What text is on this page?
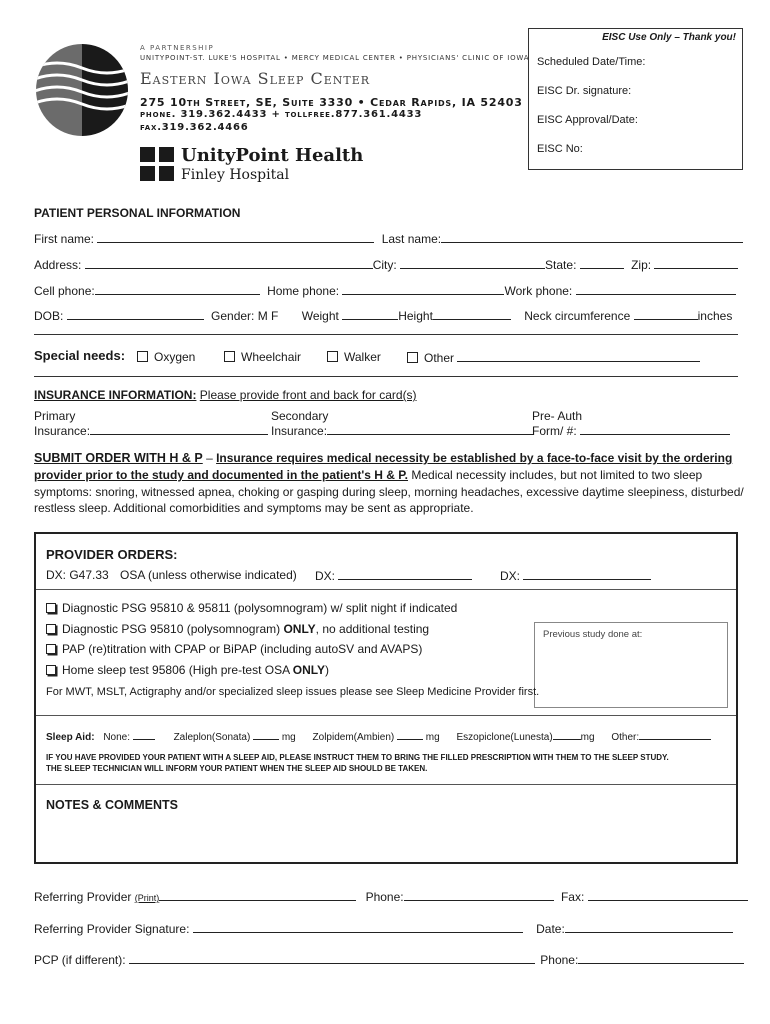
A PARTNERSHIP
UNITYPOINT-ST. LUKE'S HOSPITAL • MERCY MEDICAL CENTER • PHYSICIANS' CLINIC OF IOWA
Eastern Iowa Sleep Center
275 10th Street, SE, Suite 3330 • Cedar Rapids, IA 52403
phone. 319.362.4433 + tollfree.877.361.4433
fax.319.362.4466
UnityPoint Health
Finley Hospital
EISC Use Only – Thank you!
Scheduled Date/Time:
EISC Dr. signature:
EISC Approval/Date:
EISC No:
PATIENT PERSONAL INFORMATION
First name:	Last name:
Address:	City:	State:	Zip:
Cell phone:	Home phone:	Work phone:
DOB:	Gender: M F Weight	Height	Neck circumference	inches
Special needs:	Oxygen	Wheelchair	Walker	Other
INSURANCE INFORMATION: Please provide front and back for card(s)
Primary
Insurance:
Secondary
Insurance:
Pre- Auth
Form/ #:
SUBMIT ORDER WITH H & P – Insurance requires medical necessity be established by a face-to-face visit by the ordering
provider prior to the study and documented in the patient's H & P. Medical necessity includes, but not limited to two sleep
symptoms: snoring, witnessed apnea, choking or gasping during sleep, morning headaches, excessive daytime sleepiness, disturbed/
restless sleep. Additional comorbidities and symptoms may be sent as appropriate.
PROVIDER ORDERS:
DX: G47.33 OSA (unless otherwise indicated) DX:	DX:
Diagnostic PSG 95810 & 95811 (polysomnogram) w/ split night if indicated
Diagnostic PSG 95810 (polysomnogram) ONLY, no additional testing
PAP (re)titration with CPAP or BiPAP (including autoSV and AVAPS)
Home sleep test 95806 (High pre-test OSA ONLY)
Previous study done at:
For MWT, MSLT, Actigraphy and/or specialized sleep issues please see Sleep Medicine Provider first.
Sleep Aid: None:	Zaleplon(Sonata)	mg Zolpidem(Ambien)	mg Eszopiclone(Lunesta)	mg Other:
IF YOU HAVE PROVIDED YOUR PATIENT WITH A SLEEP AID, PLEASE INSTRUCT THEM TO BRING THE FILLED PRESCRIPTION WITH THEM TO THE SLEEP STUDY.
THE SLEEP TECHNICIAN WILL INFORM YOUR PATIENT WHEN THE SLEEP AID SHOULD BE TAKEN.
NOTES & COMMENTS
Referring Provider (Print)	Phone:	Fax:
Referring Provider Signature:	Date:
PCP (if different):	Phone:
